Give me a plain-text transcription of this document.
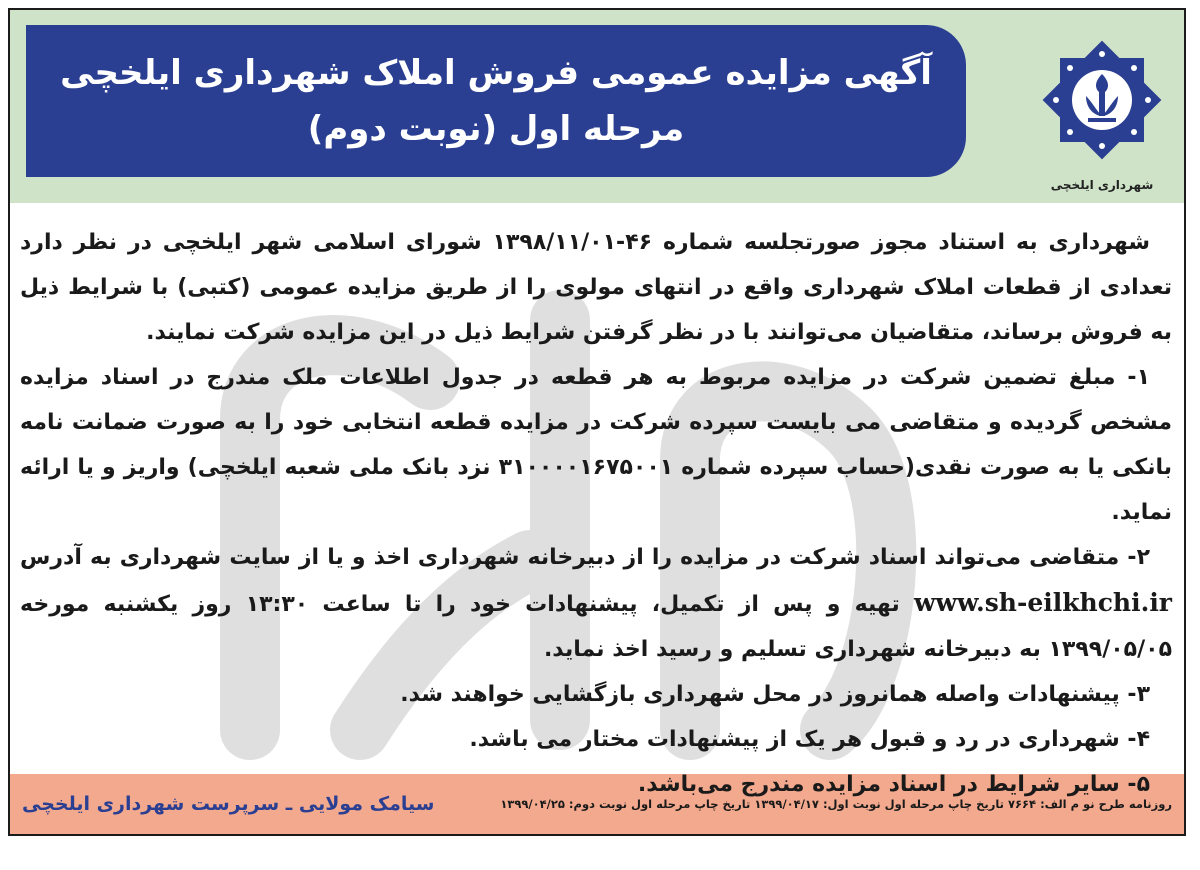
آگهی مزایده عمومی فروش املاک شهرداری ایلخچی
مرحله اول (نوبت دوم)
شهرداری ایلخچی

شهرداری به استناد مجوز صورتجلسه شماره ۴۶-۱۳۹۸/۱۱/۰۱ شورای اسلامی شهر ایلخچی در نظر دارد تعدادی از قطعات املاک شهرداری واقع در انتهای مولوی را از طریق مزایده عمومی (کتبی) با شرایط ذیل به فروش برساند، متقاضیان می‌توانند با در نظر گرفتن شرایط ذیل در این مزایده شرکت نمایند.

۱- مبلغ تضمین شرکت در مزایده مربوط به هر قطعه در جدول اطلاعات ملک مندرج در اسناد مزایده مشخص گردیده و متقاضی می بایست سپرده شرکت در مزایده قطعه انتخابی خود را به صورت ضمانت نامه بانکی یا به صورت نقدی(حساب سپرده شماره ۳۱۰۰۰۰۱۶۷۵۰۰۱ نزد بانک ملی شعبه ایلخچی) واریز و یا ارائه نماید.

۲- متقاضی می‌تواند اسناد شرکت در مزایده را از دبیرخانه شهرداری اخذ و یا از سایت شهرداری به آدرس www.sh-eilkhchi.ir تهیه و پس از تکمیل، پیشنهادات خود را تا ساعت ۱۳:۳۰ روز یکشنبه مورخه ۱۳۹۹/۰۵/۰۵ به دبیرخانه شهرداری تسلیم و رسید اخذ نماید.

۳- پیشنهادات واصله همانروز در محل شهرداری بازگشایی خواهند شد.

۴- شهرداری در رد و قبول هر یک از پیشنهادات مختار می باشد.

۵- سایر شرایط در اسناد مزایده مندرج می‌باشد.

روزنامه طرح نو م الف: ۷۶۶۴ تاریخ چاپ مرحله اول نوبت اول: ۱۳۹۹/۰۴/۱۷ تاریخ چاپ مرحله اول نوبت دوم: ۱۳۹۹/۰۴/۲۵
سیامک مولایی ـ سرپرست شهرداری ایلخچی
